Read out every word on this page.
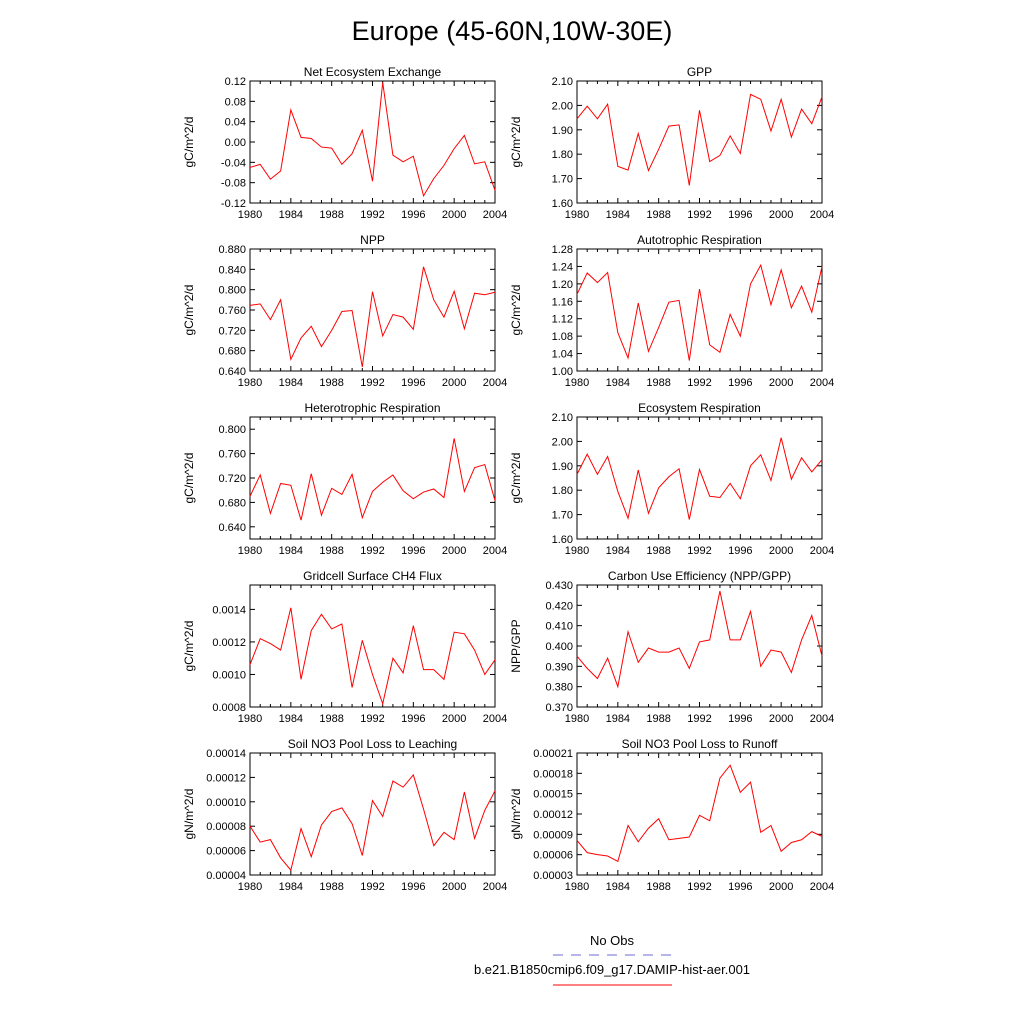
Europe (45-60N,10W-30E)
Net Ecosystem Exchange
1980 1984 1988 1992 1996 2000 2004
-0.12
-0.08
-0.04
0.00
0.04
0.08
0.12
gC/m^2/d
GPP
1980 1984 1988 1992 1996 2000 2004
1.60
1.70
1.80
1.90
2.00
2.10
gC/m^2/d
NPP
1980 1984 1988 1992 1996 2000 2004
0.640
0.680
0.720
0.760
0.800
0.840
0.880
gC/m^2/d
Autotrophic Respiration
1980 1984 1988 1992 1996 2000 2004
1.00
1.04
1.08
1.12
1.16
1.20
1.24
1.28
gC/m^2/d
Heterotrophic Respiration
1980 1984 1988 1992 1996 2000 2004
0.640
0.680
0.720
0.760
0.800
gC/m^2/d
Ecosystem Respiration
1980 1984 1988 1992 1996 2000 2004
1.60
1.70
1.80
1.90
2.00
2.10
gC/m^2/d
Gridcell Surface CH4 Flux
1980 1984 1988 1992 1996 2000 2004
0.0008
0.0010
0.0012
0.0014
gC/m^2/d
Carbon Use Efficiency (NPP/GPP)
1980 1984 1988 1992 1996 2000 2004
0.370
0.380
0.390
0.400
0.410
0.420
0.430
NPP/GPP
Soil NO3 Pool Loss to Leaching
1980 1984 1988 1992 1996 2000 2004
0.00004
0.00006
0.00008
0.00010
0.00012
0.00014
gN/m^2/d
Soil NO3 Pool Loss to Runoff
1980 1984 1988 1992 1996 2000 2004
0.00003
0.00006
0.00009
0.00012
0.00015
0.00018
0.00021
gN/m^2/d
No Obs
b.e21.B1850cmip6.f09_g17.DAMIP-hist-aer.001
